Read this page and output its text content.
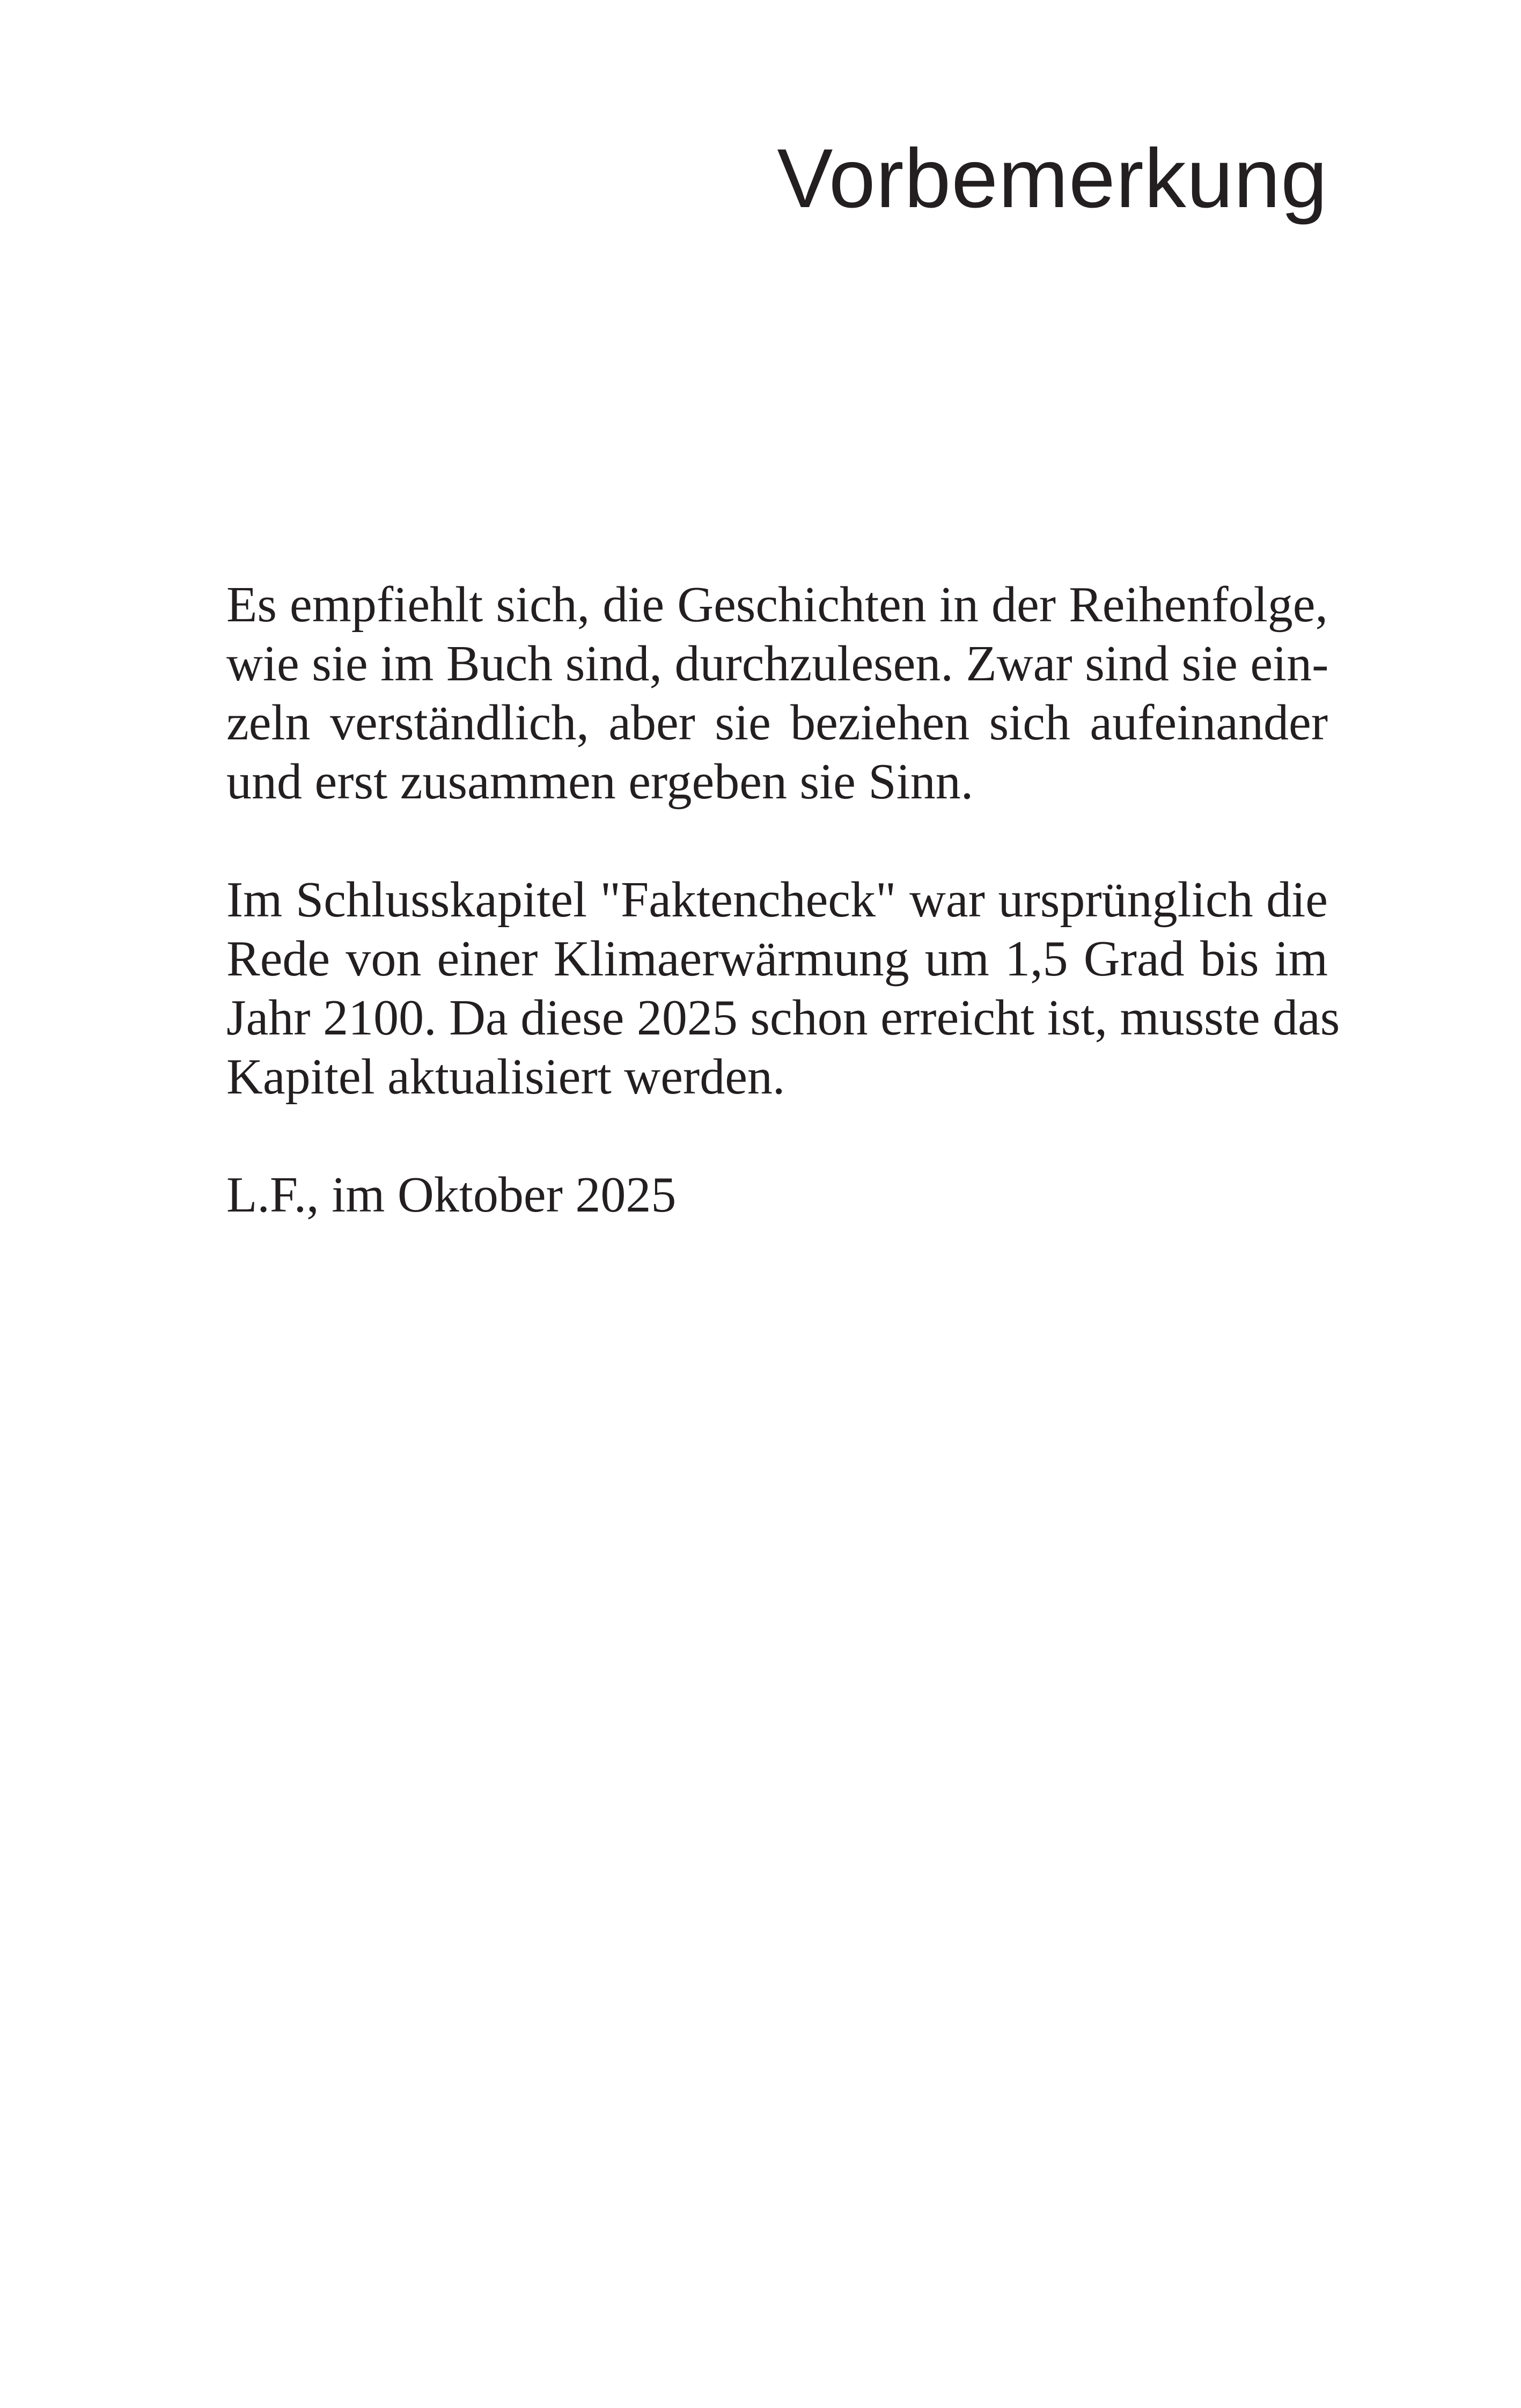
Vorbemerkung

Es empfiehlt sich, die Geschichten in der Reihenfolge,
wie sie im Buch sind, durchzulesen. Zwar sind sie ein-
zeln verständlich, aber sie beziehen sich aufeinander
und erst zusammen ergeben sie Sinn.

Im Schlusskapitel "Faktencheck" war ursprünglich die
Rede von einer Klimaerwärmung um 1,5 Grad bis im
Jahr 2100. Da diese 2025 schon erreicht ist, musste das
Kapitel aktualisiert werden.

L.F., im Oktober 2025
